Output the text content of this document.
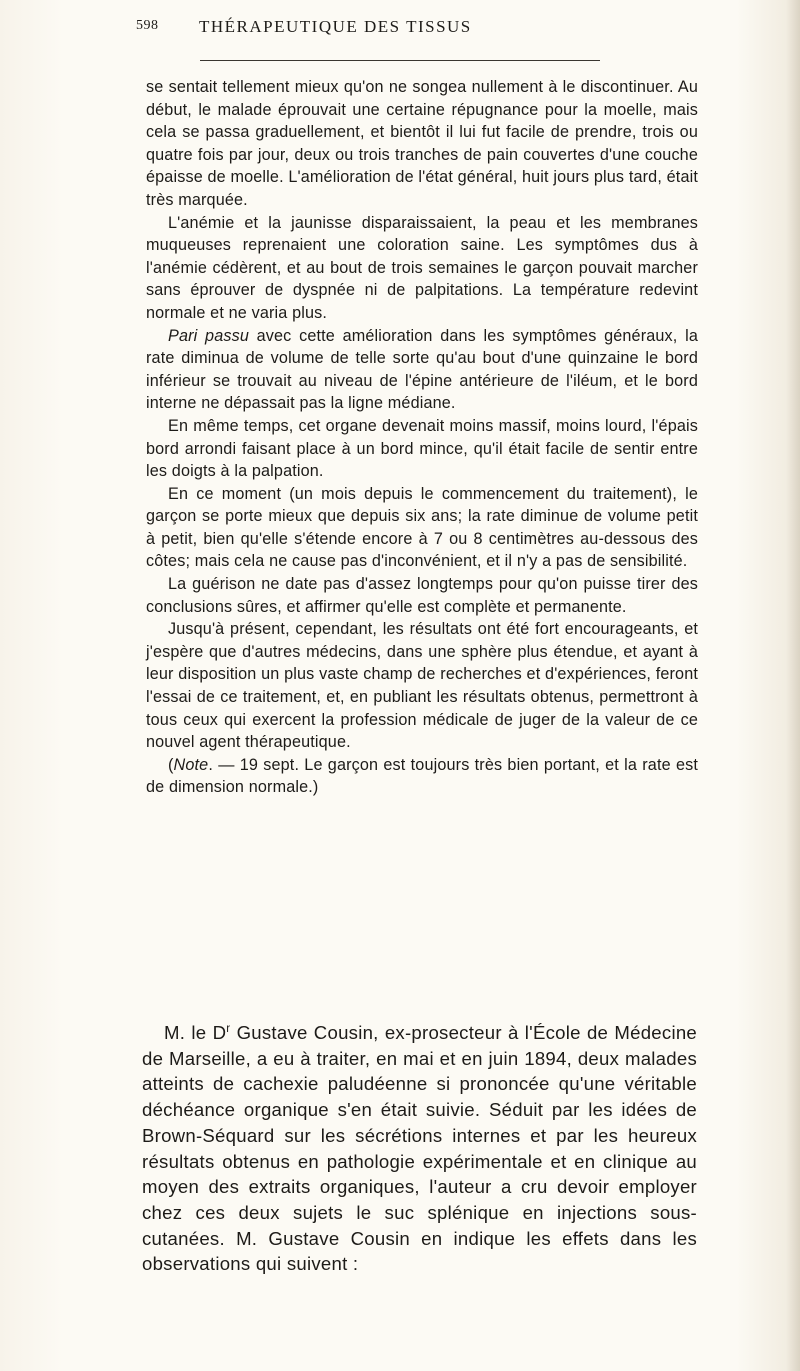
598 THÉRAPEUTIQUE DES TISSUS

se sentait tellement mieux qu'on ne songea nullement à le discontinuer. Au début, le malade éprouvait une certaine répugnance pour la moelle, mais cela se passa graduellement, et bientôt il lui fut facile de prendre, trois ou quatre fois par jour, deux ou trois tranches de pain couvertes d'une couche épaisse de moelle. L'amélioration de l'état général, huit jours plus tard, était très marquée.

L'anémie et la jaunisse disparaissaient, la peau et les membranes muqueuses reprenaient une coloration saine. Les symptômes dus à l'anémie cédèrent, et au bout de trois semaines le garçon pouvait marcher sans éprouver de dyspnée ni de palpitations. La température redevint normale et ne varia plus.

Pari passu avec cette amélioration dans les symptômes généraux, la rate diminua de volume de telle sorte qu'au bout d'une quinzaine le bord inférieur se trouvait au niveau de l'épine antérieure de l'iléum, et le bord interne ne dépassait pas la ligne médiane.

En même temps, cet organe devenait moins massif, moins lourd, l'épais bord arrondi faisant place à un bord mince, qu'il était facile de sentir entre les doigts à la palpation.

En ce moment (un mois depuis le commencement du traitement), le garçon se porte mieux que depuis six ans; la rate diminue de volume petit à petit, bien qu'elle s'étende encore à 7 ou 8 centimètres au-dessous des côtes; mais cela ne cause pas d'inconvénient, et il n'y a pas de sensibilité.

La guérison ne date pas d'assez longtemps pour qu'on puisse tirer des conclusions sûres, et affirmer qu'elle est complète et permanente.

Jusqu'à présent, cependant, les résultats ont été fort encourageants, et j'espère que d'autres médecins, dans une sphère plus étendue, et ayant à leur disposition un plus vaste champ de recherches et d'expériences, feront l'essai de ce traitement, et, en publiant les résultats obtenus, permettront à tous ceux qui exercent la profession médicale de juger de la valeur de ce nouvel agent thérapeutique.

(Note. — 19 sept. Le garçon est toujours très bien portant, et la rate est de dimension normale.)

M. le $D^r$ Gustave Cousin, ex-prosecteur à l'École de Médecine de Marseille, a eu à traiter, en mai et en juin 1894, deux malades atteints de cachexie paludéenne si prononcée qu'une véritable déchéance organique s'en était suivie. Séduit par les idées de Brown-Séquard sur les sécrétions internes et par les heureux résultats obtenus en pathologie expérimentale et en clinique au moyen des extraits organiques, l'auteur a cru devoir employer chez ces deux sujets le suc splénique en injections sous-cutanées. M. Gustave Cousin en indique les effets dans les observations qui suivent :
